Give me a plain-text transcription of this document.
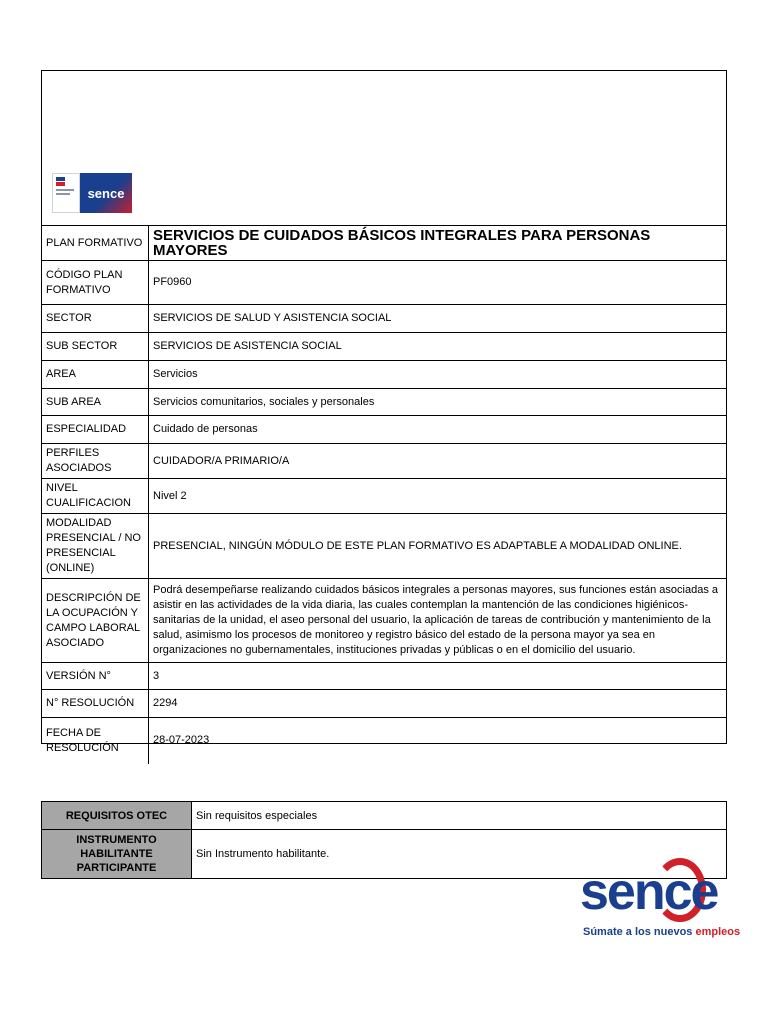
sence
PLAN FORMATIVO	SERVICIOS DE CUIDADOS BÁSICOS INTEGRALES PARA PERSONAS MAYORES
CÓDIGO PLAN FORMATIVO	PF0960
SECTOR	SERVICIOS DE SALUD Y ASISTENCIA SOCIAL
SUB SECTOR	SERVICIOS DE ASISTENCIA SOCIAL
AREA	Servicios
SUB AREA	Servicios comunitarios, sociales y personales
ESPECIALIDAD	Cuidado de personas
PERFILES ASOCIADOS	CUIDADOR/A PRIMARIO/A
NIVEL CUALIFICACION	Nivel 2
MODALIDAD PRESENCIAL / NO PRESENCIAL (ONLINE)	PRESENCIAL, NINGÚN MÓDULO DE ESTE PLAN FORMATIVO ES ADAPTABLE A MODALIDAD ONLINE.
DESCRIPCIÓN DE LA OCUPACIÓN Y CAMPO LABORAL ASOCIADO	Podrá desempeñarse realizando cuidados básicos integrales a personas mayores, sus funciones están asociadas a asistir en las actividades de la vida diaria, las cuales contemplan la mantención de las condiciones higiénicos-sanitarias de la unidad, el aseo personal del usuario, la aplicación de tareas de contribución y mantenimiento de la salud, asimismo los procesos de monitoreo y registro básico del estado de la persona mayor ya sea en organizaciones no gubernamentales, instituciones privadas y públicas o en el domicilio del usuario.
VERSIÓN N°	3
N° RESOLUCIÓN	2294
FECHA DE RESOLUCIÓN	28-07-2023
REQUISITOS OTEC	Sin requisitos especiales
INSTRUMENTO HABILITANTE PARTICIPANTE	Sin Instrumento habilitante.
sence
Súmate a los nuevos empleos
